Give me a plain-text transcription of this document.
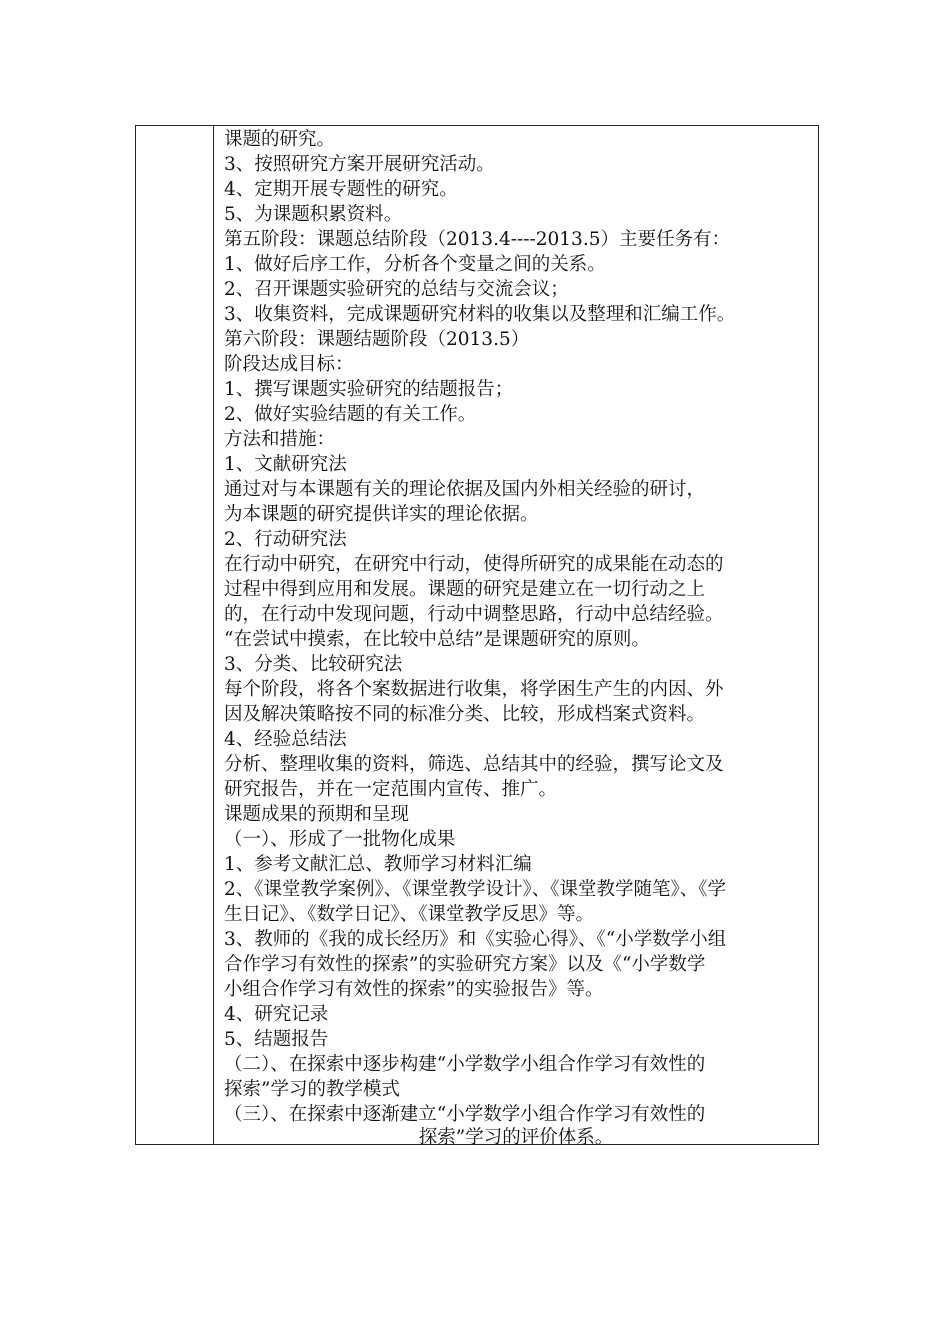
课题的研究。
3、按照研究方案开展研究活动。
4、定期开展专题性的研究。
5、为课题积累资料。
第五阶段：课题总结阶段（2013.4----2013.5）主要任务有：
1、做好后序工作，分析各个变量之间的关系。
2、召开课题实验研究的总结与交流会议；
3、收集资料，完成课题研究材料的收集以及整理和汇编工作。
第六阶段：课题结题阶段（2013.5）
阶段达成目标：
1、撰写课题实验研究的结题报告；
2、做好实验结题的有关工作。
方法和措施：
1、文献研究法
通过对与本课题有关的理论依据及国内外相关经验的研讨，
为本课题的研究提供详实的理论依据。
2、行动研究法
在行动中研究，在研究中行动，使得所研究的成果能在动态的
过程中得到应用和发展。课题的研究是建立在一切行动之上
的，在行动中发现问题，行动中调整思路，行动中总结经验。
“在尝试中摸索，在比较中总结”是课题研究的原则。
3、分类、比较研究法
每个阶段，将各个案数据进行收集，将学困生产生的内因、外
因及解决策略按不同的标准分类、比较，形成档案式资料。
4、经验总结法
分析、整理收集的资料，筛选、总结其中的经验，撰写论文及
研究报告，并在一定范围内宣传、推广。
课题成果的预期和呈现
（一）、形成了一批物化成果
1、参考文献汇总、教师学习材料汇编
2、《课堂教学案例》、《课堂教学设计》、《课堂教学随笔》、《学
生日记》、《数学日记》、《课堂教学反思》等。
3、教师的《我的成长经历》和《实验心得》、《“小学数学小组
合作学习有效性的探索”的实验研究方案》以及《“小学数学
小组合作学习有效性的探索”的实验报告》等。
4、研究记录
5、结题报告
（二）、在探索中逐步构建“小学数学小组合作学习有效性的
探索”学习的教学模式
（三）、在探索中逐渐建立“小学数学小组合作学习有效性的
探索”学习的评价体系。
